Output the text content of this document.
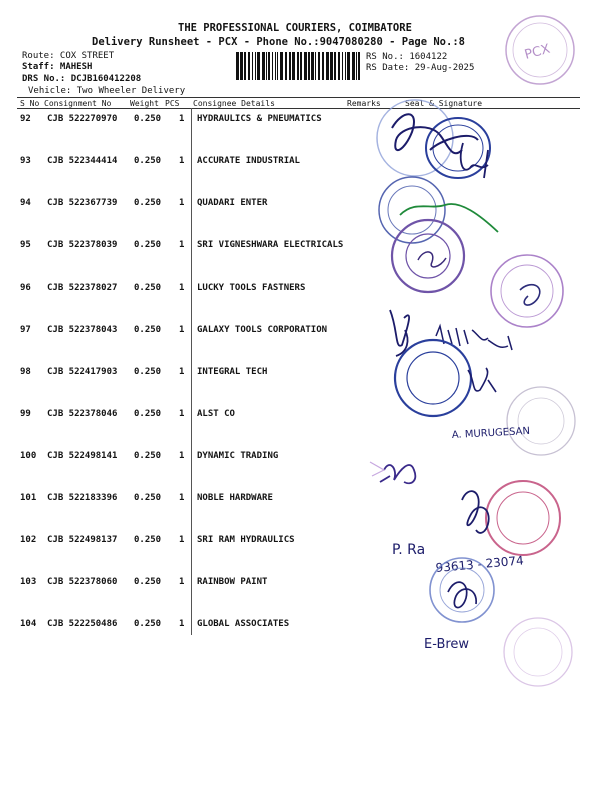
THE PROFESSIONAL COURIERS, COIMBATORE
Delivery Runsheet - PCX - Phone No.:9047080280 - Page No.:8
Route: COX STREET
Staff: MAHESH
DRS No.: DCJB160412208
Vehicle: Two Wheeler Delivery
RS No.: 1604122
RS Date: 29-Aug-2025
S No Consignment No Weight PCS Consignee Details	Remarks	Seal & Signature
92 CJB 522270970 0.250 1 HYDRAULICS & PNEUMATICS
93 CJB 522344414 0.250 1 ACCURATE INDUSTRIAL
94 CJB 522367739 0.250 1 QUADARI ENTER
95 CJB 522378039 0.250 1 SRI VIGNESHWARA ELECTRICALS
96 CJB 522378027 0.250 1 LUCKY TOOLS FASTNERS
97 CJB 522378043 0.250 1 GALAXY TOOLS CORPORATION
98 CJB 522417903 0.250 1 INTEGRAL TECH
99 CJB 522378046 0.250 1 ALST CO
100 CJB 522498141 0.250 1 DYNAMIC TRADING
101 CJB 522183396 0.250 1 NOBLE HARDWARE
102 CJB 522498137 0.250 1 SRI RAM HYDRAULICS
103 CJB 522378060 0.250 1 RAINBOW PAINT
104 CJB 522250486 0.250 1 GLOBAL ASSOCIATES
PCX
A. MURUGESAN
P. Ra
93613 - 23074
E-Brew
